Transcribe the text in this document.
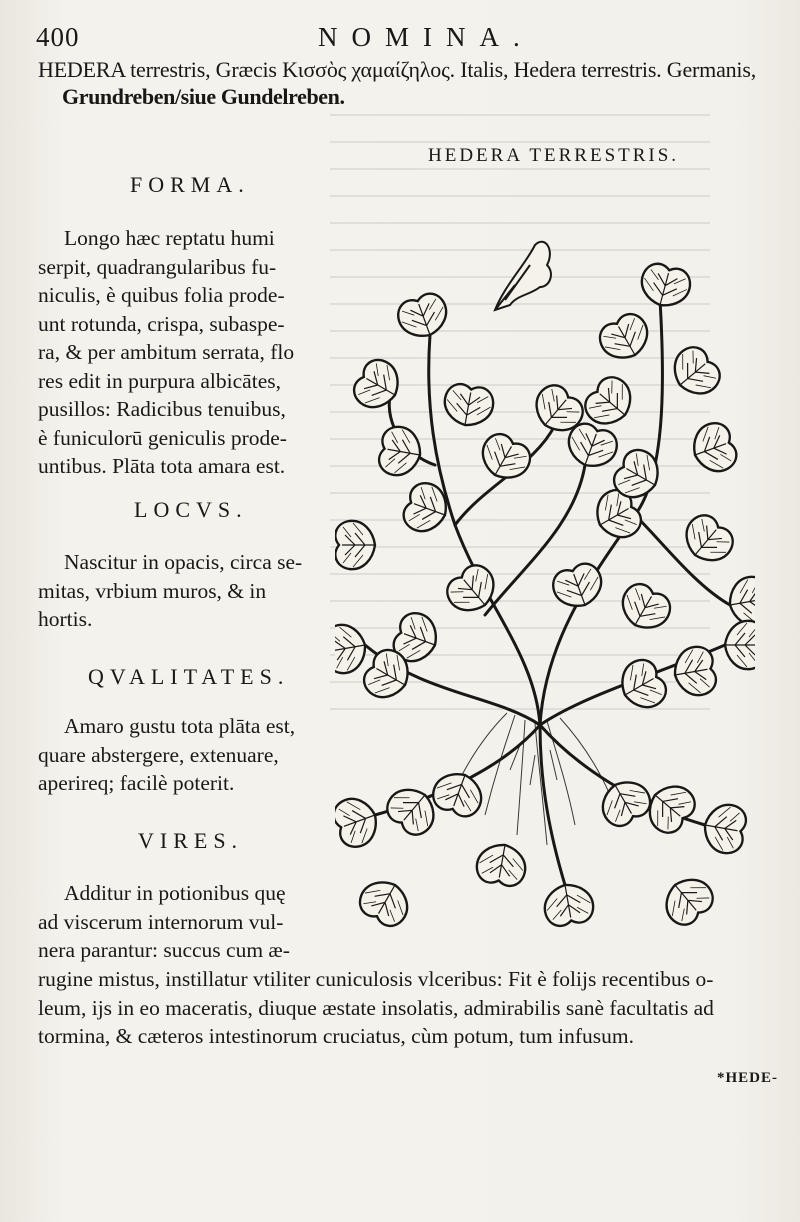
400	NOMINA.
HEDERA terrestris, Græcis Κισσὸς χαμαίζηλος. Italis, Hedera terrestris. Germanis,
Grundreben/siue Gundelreben.
HEDERA TERRESTRIS.
FORMA.
Longo hæc reptatu humi
serpit, quadrangularibus fu-
niculis, è quibus folia prode-
unt rotunda, crispa, subaspe-
ra, & per ambitum serrata, flo
res edit in purpura albicātes,
pusillos: Radicibus tenuibus,
è funiculorū geniculis prode-
untibus. Plāta tota amara est.
LOCVS.
Nascitur in opacis, circa se-
mitas, vrbium muros, & in
hortis.
QVALITATES.
Amaro gustu tota plāta est,
quare abstergere, extenuare,
aperireq; facilè poterit.
VIRES.
Additur in potionibus quę
ad viscerum internorum vul-
nera parantur: succus cum æ-
rugine mistus, instillatur vtiliter cuniculosis vlceribus: Fit è folijs recentibus o-
leum, ijs in eo maceratis, diuque æstate insolatis, admirabilis sanè facultatis ad
tormina, & cæteros intestinorum cruciatus, cùm potum, tum infusum.
*HEDE-
